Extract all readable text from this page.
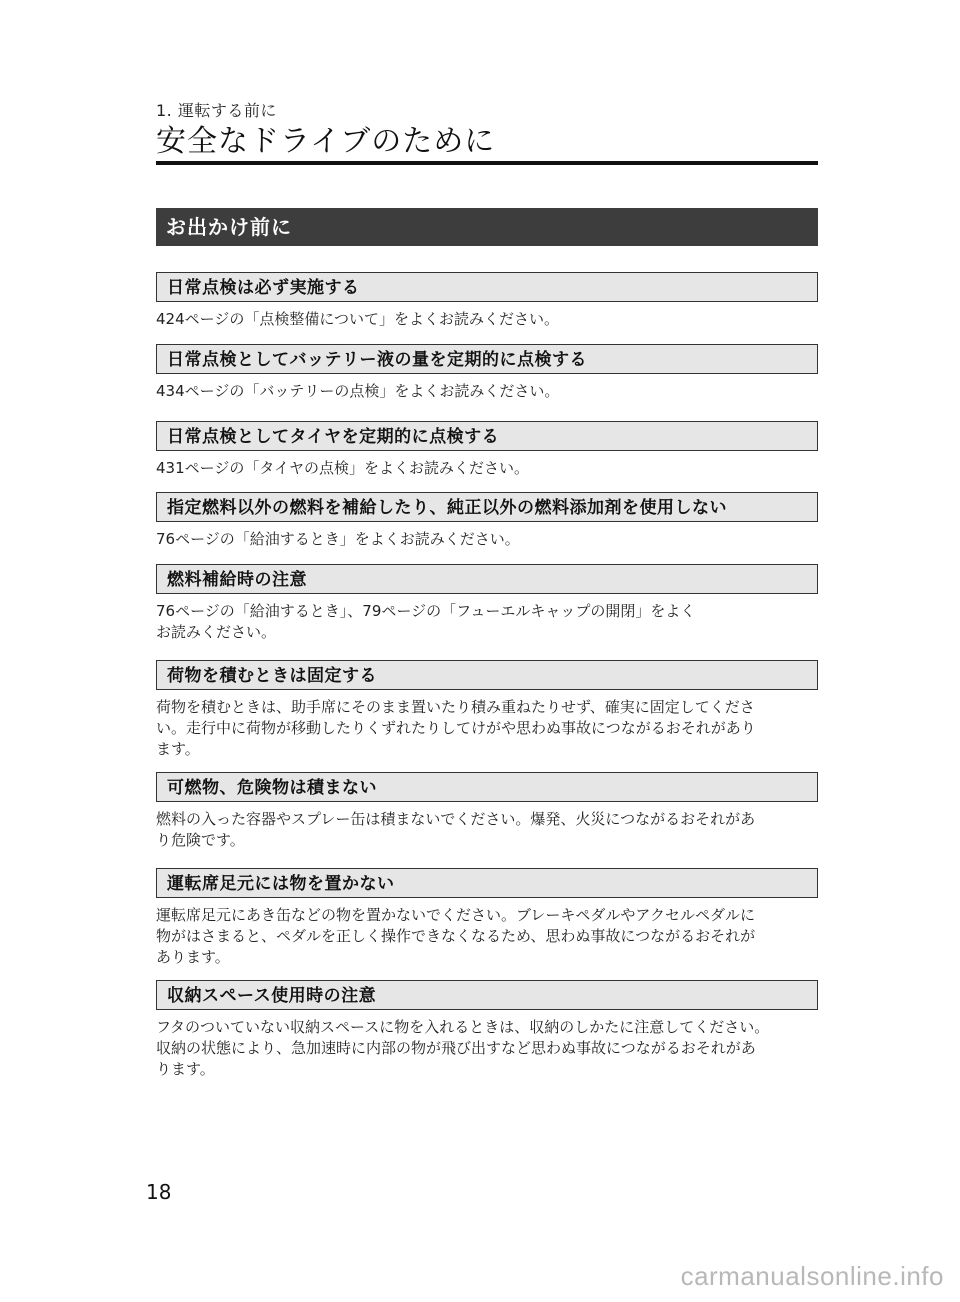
1. 運転する前に
安全なドライブのために
お出かけ前に
日常点検は必ず実施する
424ページの「点検整備について」をよくお読みください。
日常点検としてバッテリー液の量を定期的に点検する
434ページの「バッテリーの点検」をよくお読みください。
日常点検としてタイヤを定期的に点検する
431ページの「タイヤの点検」をよくお読みください。
指定燃料以外の燃料を補給したり、純正以外の燃料添加剤を使用しない
76ページの「給油するとき」をよくお読みください。
燃料補給時の注意
76ページの「給油するとき」、79ページの「フューエルキャップの開閉」をよく
お読みください。
荷物を積むときは固定する
荷物を積むときは、助手席にそのまま置いたり積み重ねたりせず、確実に固定してくださ
い。走行中に荷物が移動したりくずれたりしてけがや思わぬ事故につながるおそれがあり
ます。
可燃物、危険物は積まない
燃料の入った容器やスプレー缶は積まないでください。爆発、火災につながるおそれがあ
り危険です。
運転席足元には物を置かない
運転席足元にあき缶などの物を置かないでください。ブレーキペダルやアクセルペダルに
物がはさまると、ペダルを正しく操作できなくなるため、思わぬ事故につながるおそれが
あります。
収納スペース使用時の注意
フタのついていない収納スペースに物を入れるときは、収納のしかたに注意してください。
収納の状態により、急加速時に内部の物が飛び出すなど思わぬ事故につながるおそれがあ
ります。
18
carmanualsonline.info
